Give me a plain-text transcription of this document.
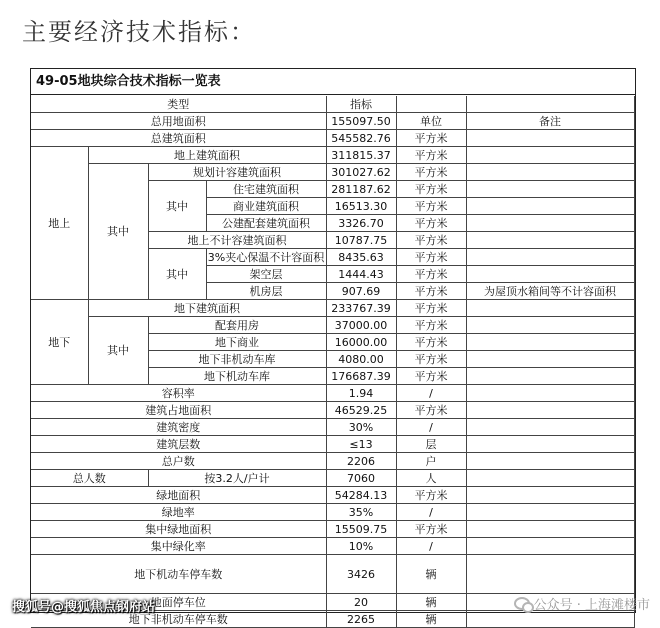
主要经济技术指标：
49-05地块综合技术指标一览表
类型				指标		
总用地面积				155097.50	单位	备注
总建筑面积				545582.76	平方米	
地上	地上建筑面积			311815.37	平方米	
	其中	规划计容建筑面积		301027.62	平方米	
		其中	住宅建筑面积	281187.62	平方米	
			商业建筑面积	16513.30	平方米	
			公建配套建筑面积	3326.70	平方米	
		地上不计容建筑面积		10787.75	平方米	
		其中	3%夹心保温不计容面积	8435.63	平方米	
			架空层	1444.43	平方米	
			机房层	907.69	平方米	为屋顶水箱间等不计容面积
地下	地下建筑面积			233767.39	平方米	
	其中	配套用房		37000.00	平方米	
		地下商业		16000.00	平方米	
		地下非机动车库		4080.00	平方米	
		地下机动车库		176687.39	平方米	
容积率				1.94	/	
建筑占地面积				46529.25	平方米	
建筑密度				30%	/	
建筑层数				≤13	层	
总户数				2206	户	
总人数		按3.2人/户计		7060	人	
绿地面积				54284.13	平方米	
绿地率				35%	/	
集中绿地面积				15509.75	平方米	
集中绿化率				10%	/	
地下机动车停车数				3426	辆	
地面停车位				20	辆	
地下非机动车停车数				2265	辆	
搜狐号@搜狐焦点钢府站	公众号 · 上海滩楼市
